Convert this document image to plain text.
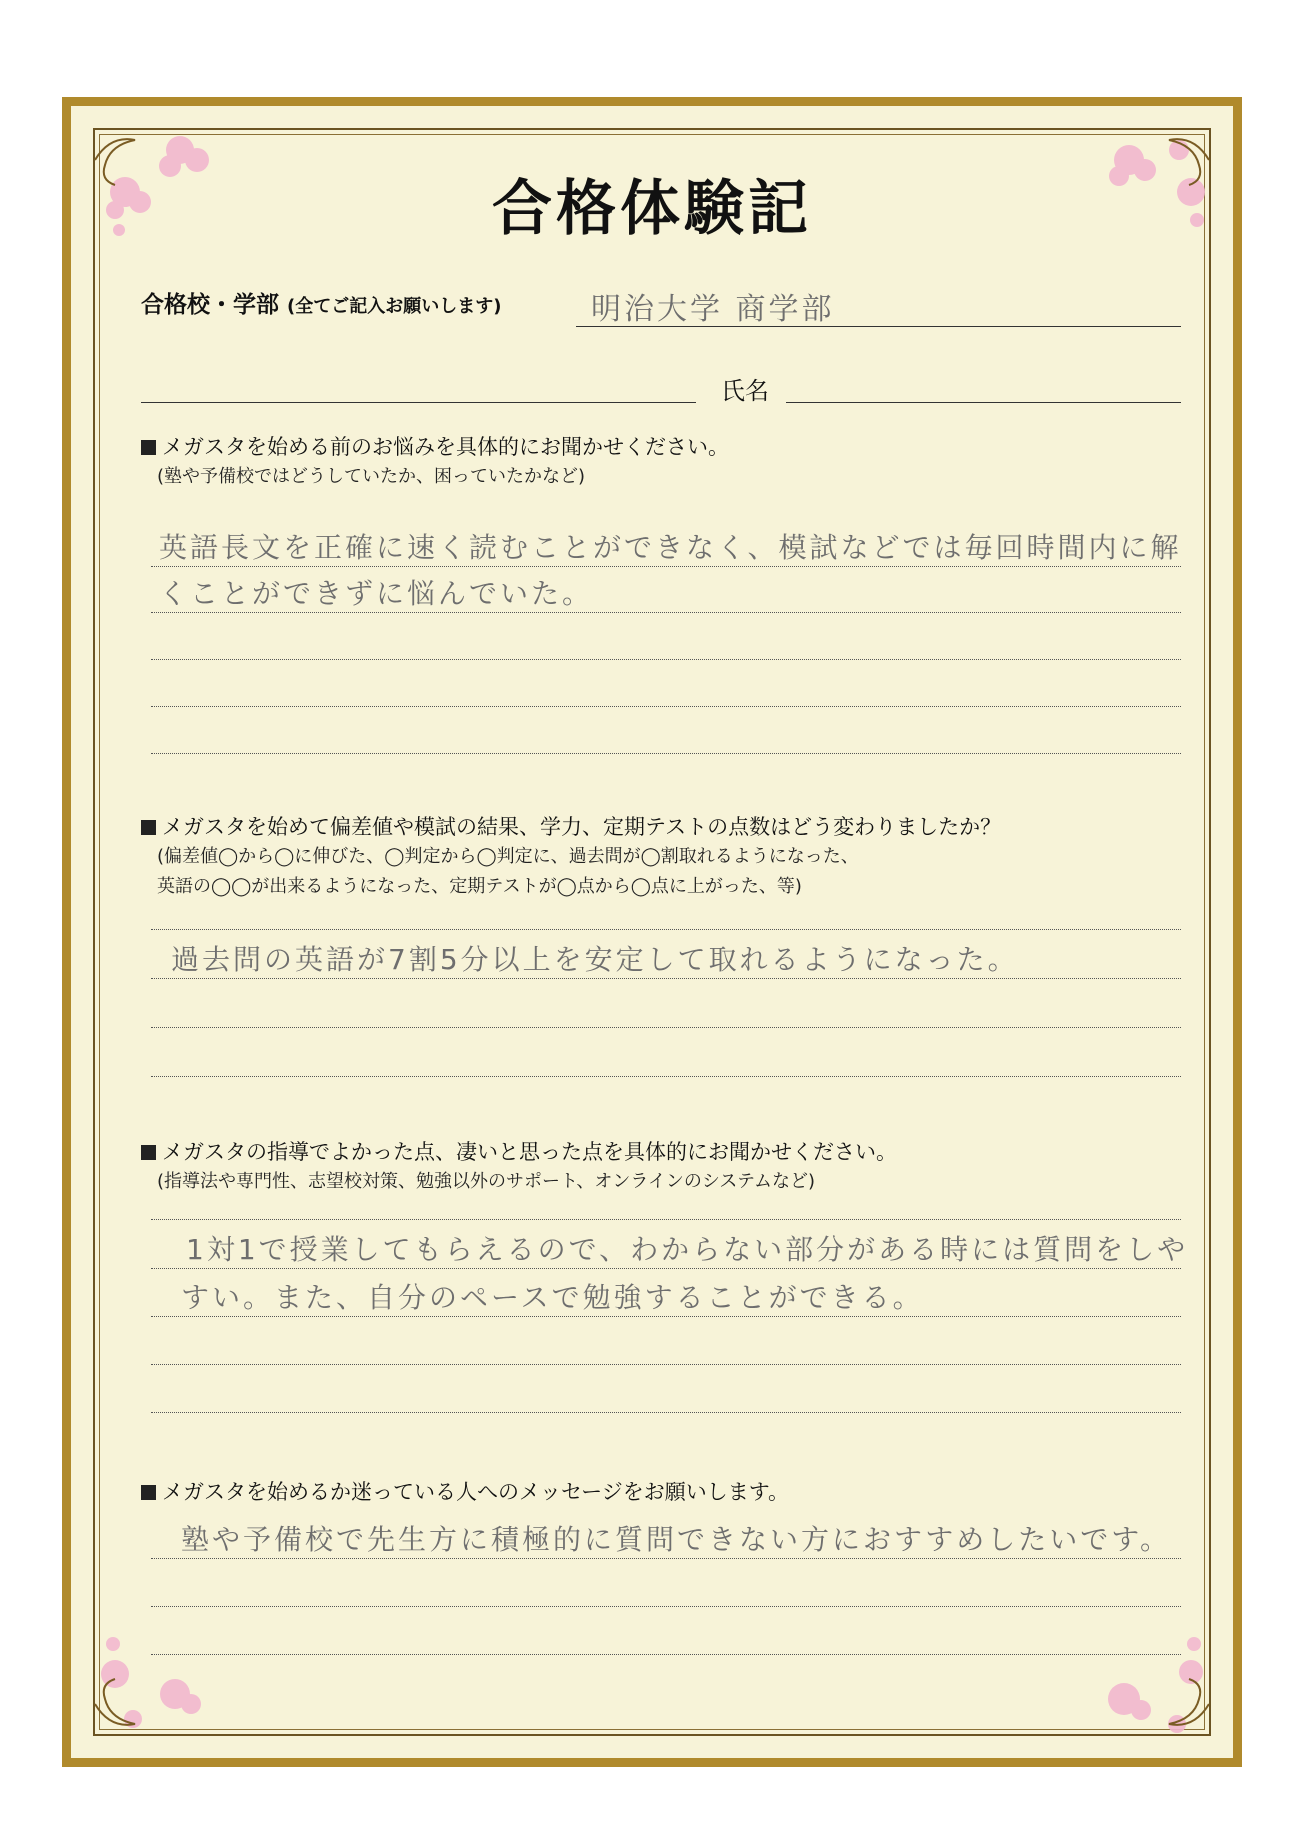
合格体験記
合格校・学部 (全てご記入お願いします)	明治大学 商学部
氏名
メガスタを始める前のお悩みを具体的にお聞かせください。
(塾や予備校ではどうしていたか、困っていたかなど)
英語長文を正確に速く読むことができなく、模試などでは毎回時間内に解
くことができずに悩んでいた。
メガスタを始めて偏差値や模試の結果、学力、定期テストの点数はどう変わりましたか？
(偏差値◯から◯に伸びた、◯判定から◯判定に、過去問が◯割取れるようになった、
英語の◯◯が出来るようになった、定期テストが◯点から◯点に上がった、等)
過去問の英語が7割5分以上を安定して取れるようになった。
メガスタの指導でよかった点、凄いと思った点を具体的にお聞かせください。
(指導法や専門性、志望校対策、勉強以外のサポート、オンラインのシステムなど)
1対1で授業してもらえるので、わからない部分がある時には質問をしや
すい。また、自分のペースで勉強することができる。
メガスタを始めるか迷っている人へのメッセージをお願いします。
塾や予備校で先生方に積極的に質問できない方におすすめしたいです。
